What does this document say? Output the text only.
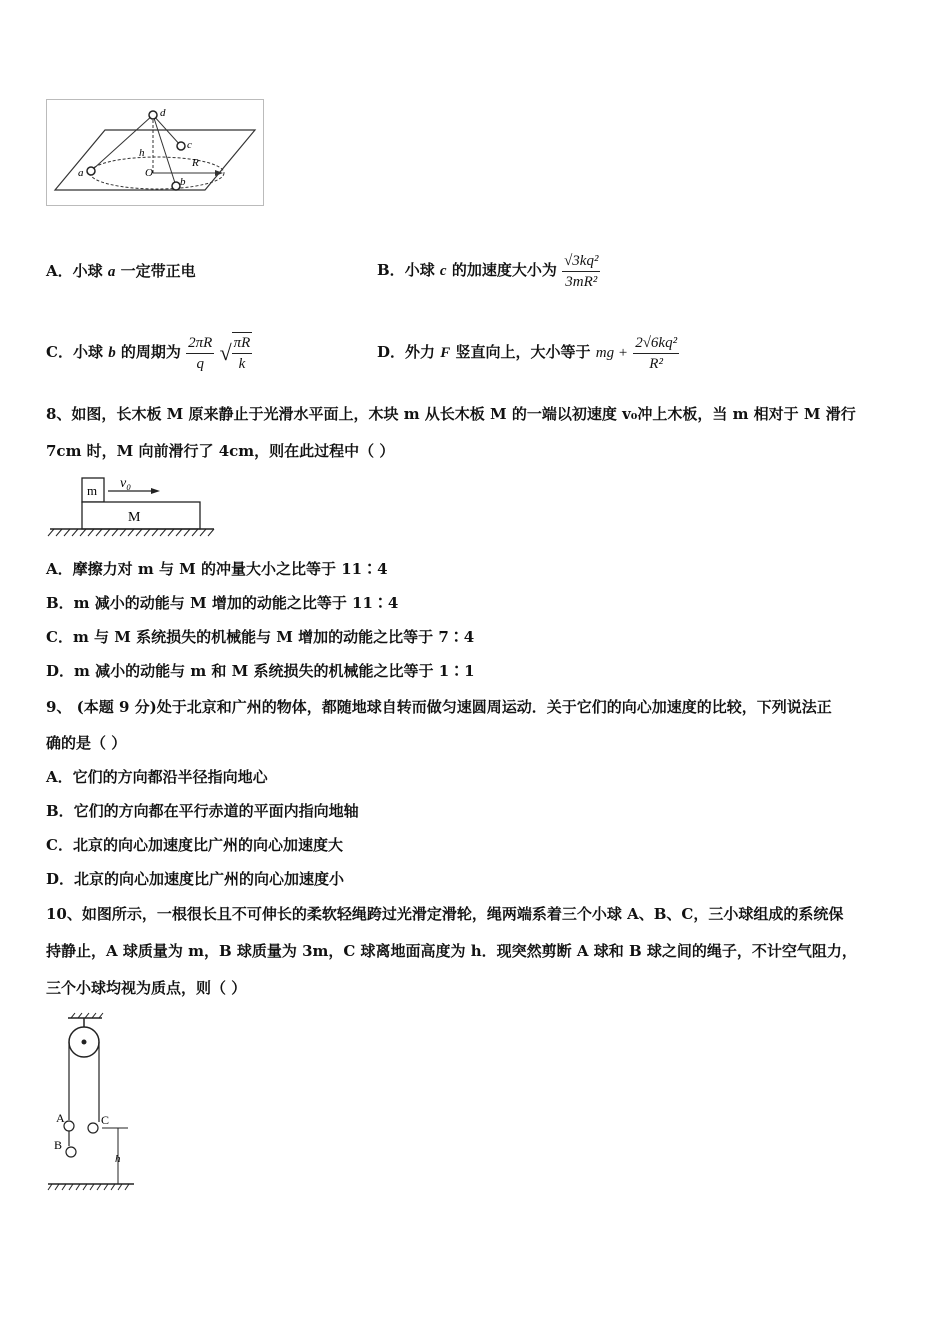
d
c
h
R
O
a
b
A．小球 a 一定带正电	B．小球 c 的加速度大小为 $\frac{\text{√3kq²}}{\text{3mR²}}$
C．小球 b 的周期为 $\frac{2\pi R}{q}$ √ $\frac{\pi R}{k}$	D．外力 F 竖直向上，大小等于 mg + $\frac{\text{2√6kq²}}{\text{R²}}$
8、如图，长木板 M 原来静止于光滑水平面上，木块 m 从长木板 M 的一端以初速度 v₀冲上木板，当 m 相对于 M 滑行
7cm 时，M 向前滑行了 4cm，则在此过程中（ ）
m v₀
M
A．摩擦力对 m 与 M 的冲量大小之比等于 11∶4
B．m 减小的动能与 M 增加的动能之比等于 11∶4
C．m 与 M 系统损失的机械能与 M 增加的动能之比等于 7∶4
D．m 减小的动能与 m 和 M 系统损失的机械能之比等于 1∶1
9、 (本题 9 分)处于北京和广州的物体，都随地球自转而做匀速圆周运动．关于它们的向心加速度的比较，下列说法正
确的是（ ）
A．它们的方向都沿半径指向地心
B．它们的方向都在平行赤道的平面内指向地轴
C．北京的向心加速度比广州的向心加速度大
D．北京的向心加速度比广州的向心加速度小
10、如图所示，一根很长且不可伸长的柔软轻绳跨过光滑定滑轮，绳两端系着三个小球 A、B、C，三小球组成的系统保
持静止，A 球质量为 m，B 球质量为 3m，C 球离地面高度为 h．现突然剪断 A 球和 B 球之间的绳子，不计空气阻力，
三个小球均视为质点，则（ ）
A
B
C
h
